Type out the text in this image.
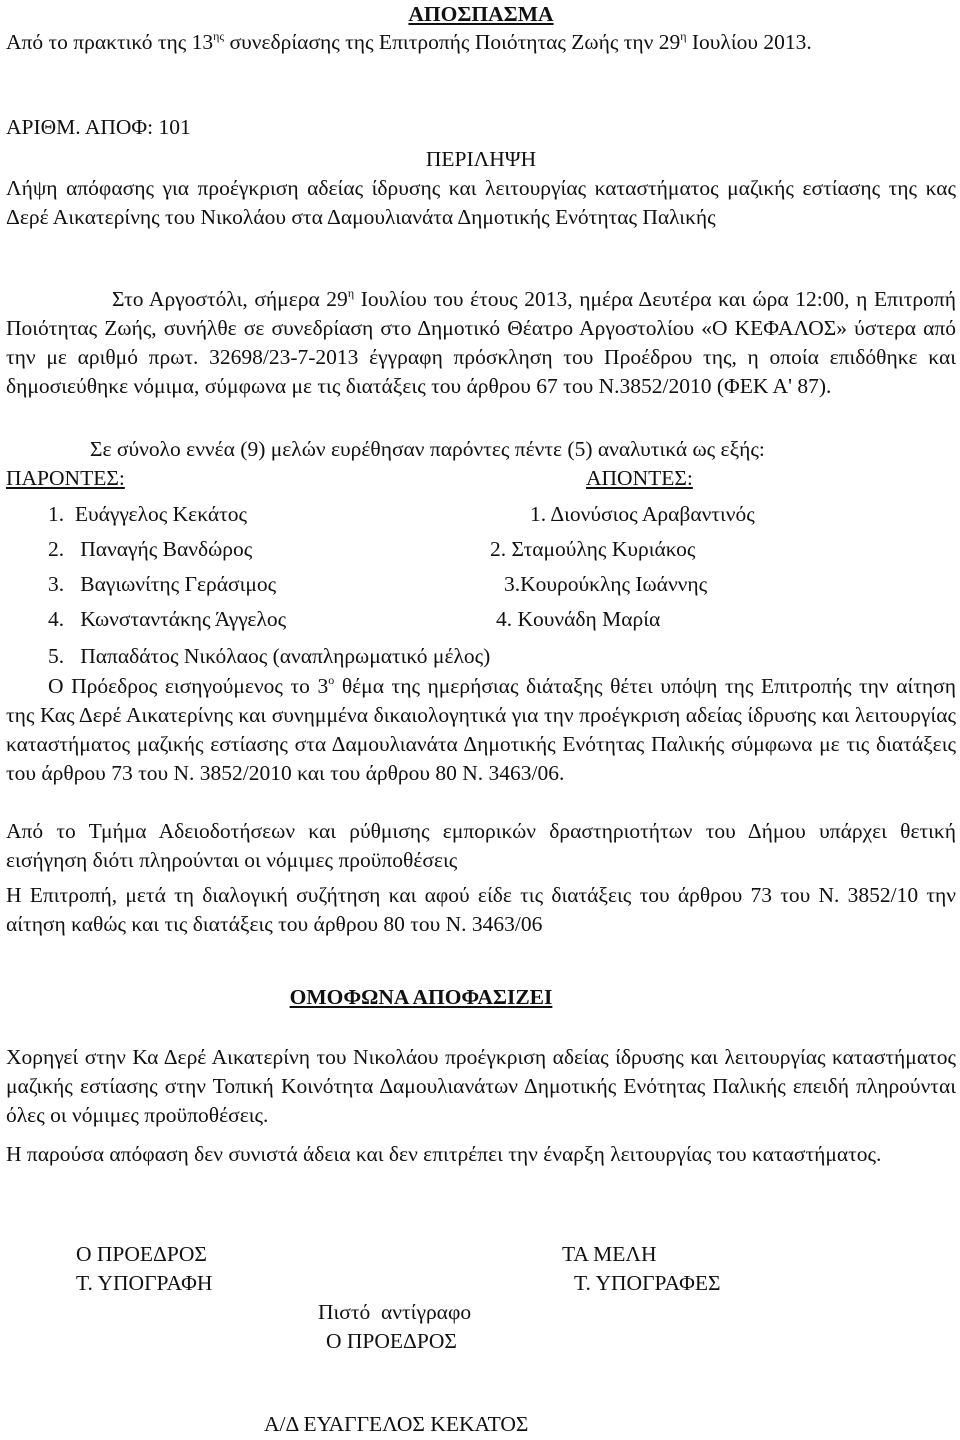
ΑΠΟΣΠΑΣΜΑ

Από το πρακτικό της $13^{\eta\varsigma}$ συνεδρίασης της Επιτροπής Ποιότητας Ζωής την $29^\eta$ Ιουλίου 2013.

ΑΡΙΘΜ. ΑΠΟΦ: 101

ΠΕΡΙΛΗΨΗ

Λήψη απόφασης για προέγκριση αδείας ίδρυσης και λειτουργίας καταστήματος μαζικής εστίασης της κας Δερέ Αικατερίνης του Νικολάου στα Δαμουλιανάτα Δημοτικής Ενότητας Παλικής

Στο Αργοστόλι, σήμερα $29^\eta$ Ιουλίου του έτους 2013, ημέρα Δευτέρα και ώρα 12:00, η Επιτροπή Ποιότητας Ζωής, συνήλθε σε συνεδρίαση στο Δημοτικό Θέατρο Αργοστολίου «Ο ΚΕΦΑΛΟΣ» ύστερα από την με αριθμό πρωτ. 32698/23-7-2013 έγγραφη πρόσκληση του Προέδρου της, η οποία επιδόθηκε και δημοσιεύθηκε νόμιμα, σύμφωνα με τις διατάξεις του άρθρου 67 του Ν.3852/2010 (ΦΕΚ Α' 87).

Σε σύνολο εννέα (9) μελών ευρέθησαν παρόντες πέντε (5) αναλυτικά ως εξής:

ΠΑΡΟΝΤΕΣ:	ΑΠΟΝΤΕΣ:

1.  Ευάγγελος Κεκάτος	1. Διονύσιος Αραβαντινός

2.   Παναγής Βανδώρος	2. Σταμούλης Κυριάκος

3.   Βαγιωνίτης Γεράσιμος	3.Κουρούκλης Ιωάννης

4.   Κωνσταντάκης Άγγελος	4. Κουνάδη Μαρία

5.   Παπαδάτος Νικόλαος (αναπληρωματικό μέλος)

Ο Πρόεδρος εισηγούμενος το $3^o$ θέμα της ημερήσιας διάταξης θέτει υπόψη της Επιτροπής την αίτηση της Κας Δερέ Αικατερίνης και συνημμένα δικαιολογητικά για την προέγκριση αδείας ίδρυσης και λειτουργίας καταστήματος μαζικής εστίασης στα Δαμουλιανάτα Δημοτικής Ενότητας Παλικής σύμφωνα με τις διατάξεις του άρθρου 73 του Ν. 3852/2010 και του άρθρου 80 Ν. 3463/06.

Από το Τμήμα Αδειοδοτήσεων και ρύθμισης εμπορικών δραστηριοτήτων του Δήμου υπάρχει θετική εισήγηση διότι πληρούνται οι νόμιμες προϋποθέσεις

Η Επιτροπή, μετά τη διαλογική συζήτηση και αφού είδε τις διατάξεις του άρθρου 73 του Ν. 3852/10 την αίτηση καθώς και τις διατάξεις του άρθρου 80 του Ν. 3463/06

ΟΜΟΦΩΝΑ ΑΠΟΦΑΣΙΖΕΙ

Χορηγεί στην Κα Δερέ Αικατερίνη του Νικολάου προέγκριση αδείας ίδρυσης και λειτουργίας καταστήματος μαζικής εστίασης στην Τοπική Κοινότητα Δαμουλιανάτων Δημοτικής Ενότητας Παλικής επειδή πληρούνται όλες οι νόμιμες προϋποθέσεις.

Η παρούσα απόφαση δεν συνιστά άδεια και δεν επιτρέπει την έναρξη λειτουργίας του καταστήματος.

Ο ΠΡΟΕΔΡΟΣ

Τ. ΥΠΟΓΡΑΦΗ

ΤΑ ΜΕΛΗ

Τ. ΥΠΟΓΡΑΦΕΣ

Πιστό  αντίγραφο

Ο ΠΡΟΕΔΡΟΣ

Α/Δ ΕΥΑΓΓΕΛΟΣ ΚΕΚΑΤΟΣ
